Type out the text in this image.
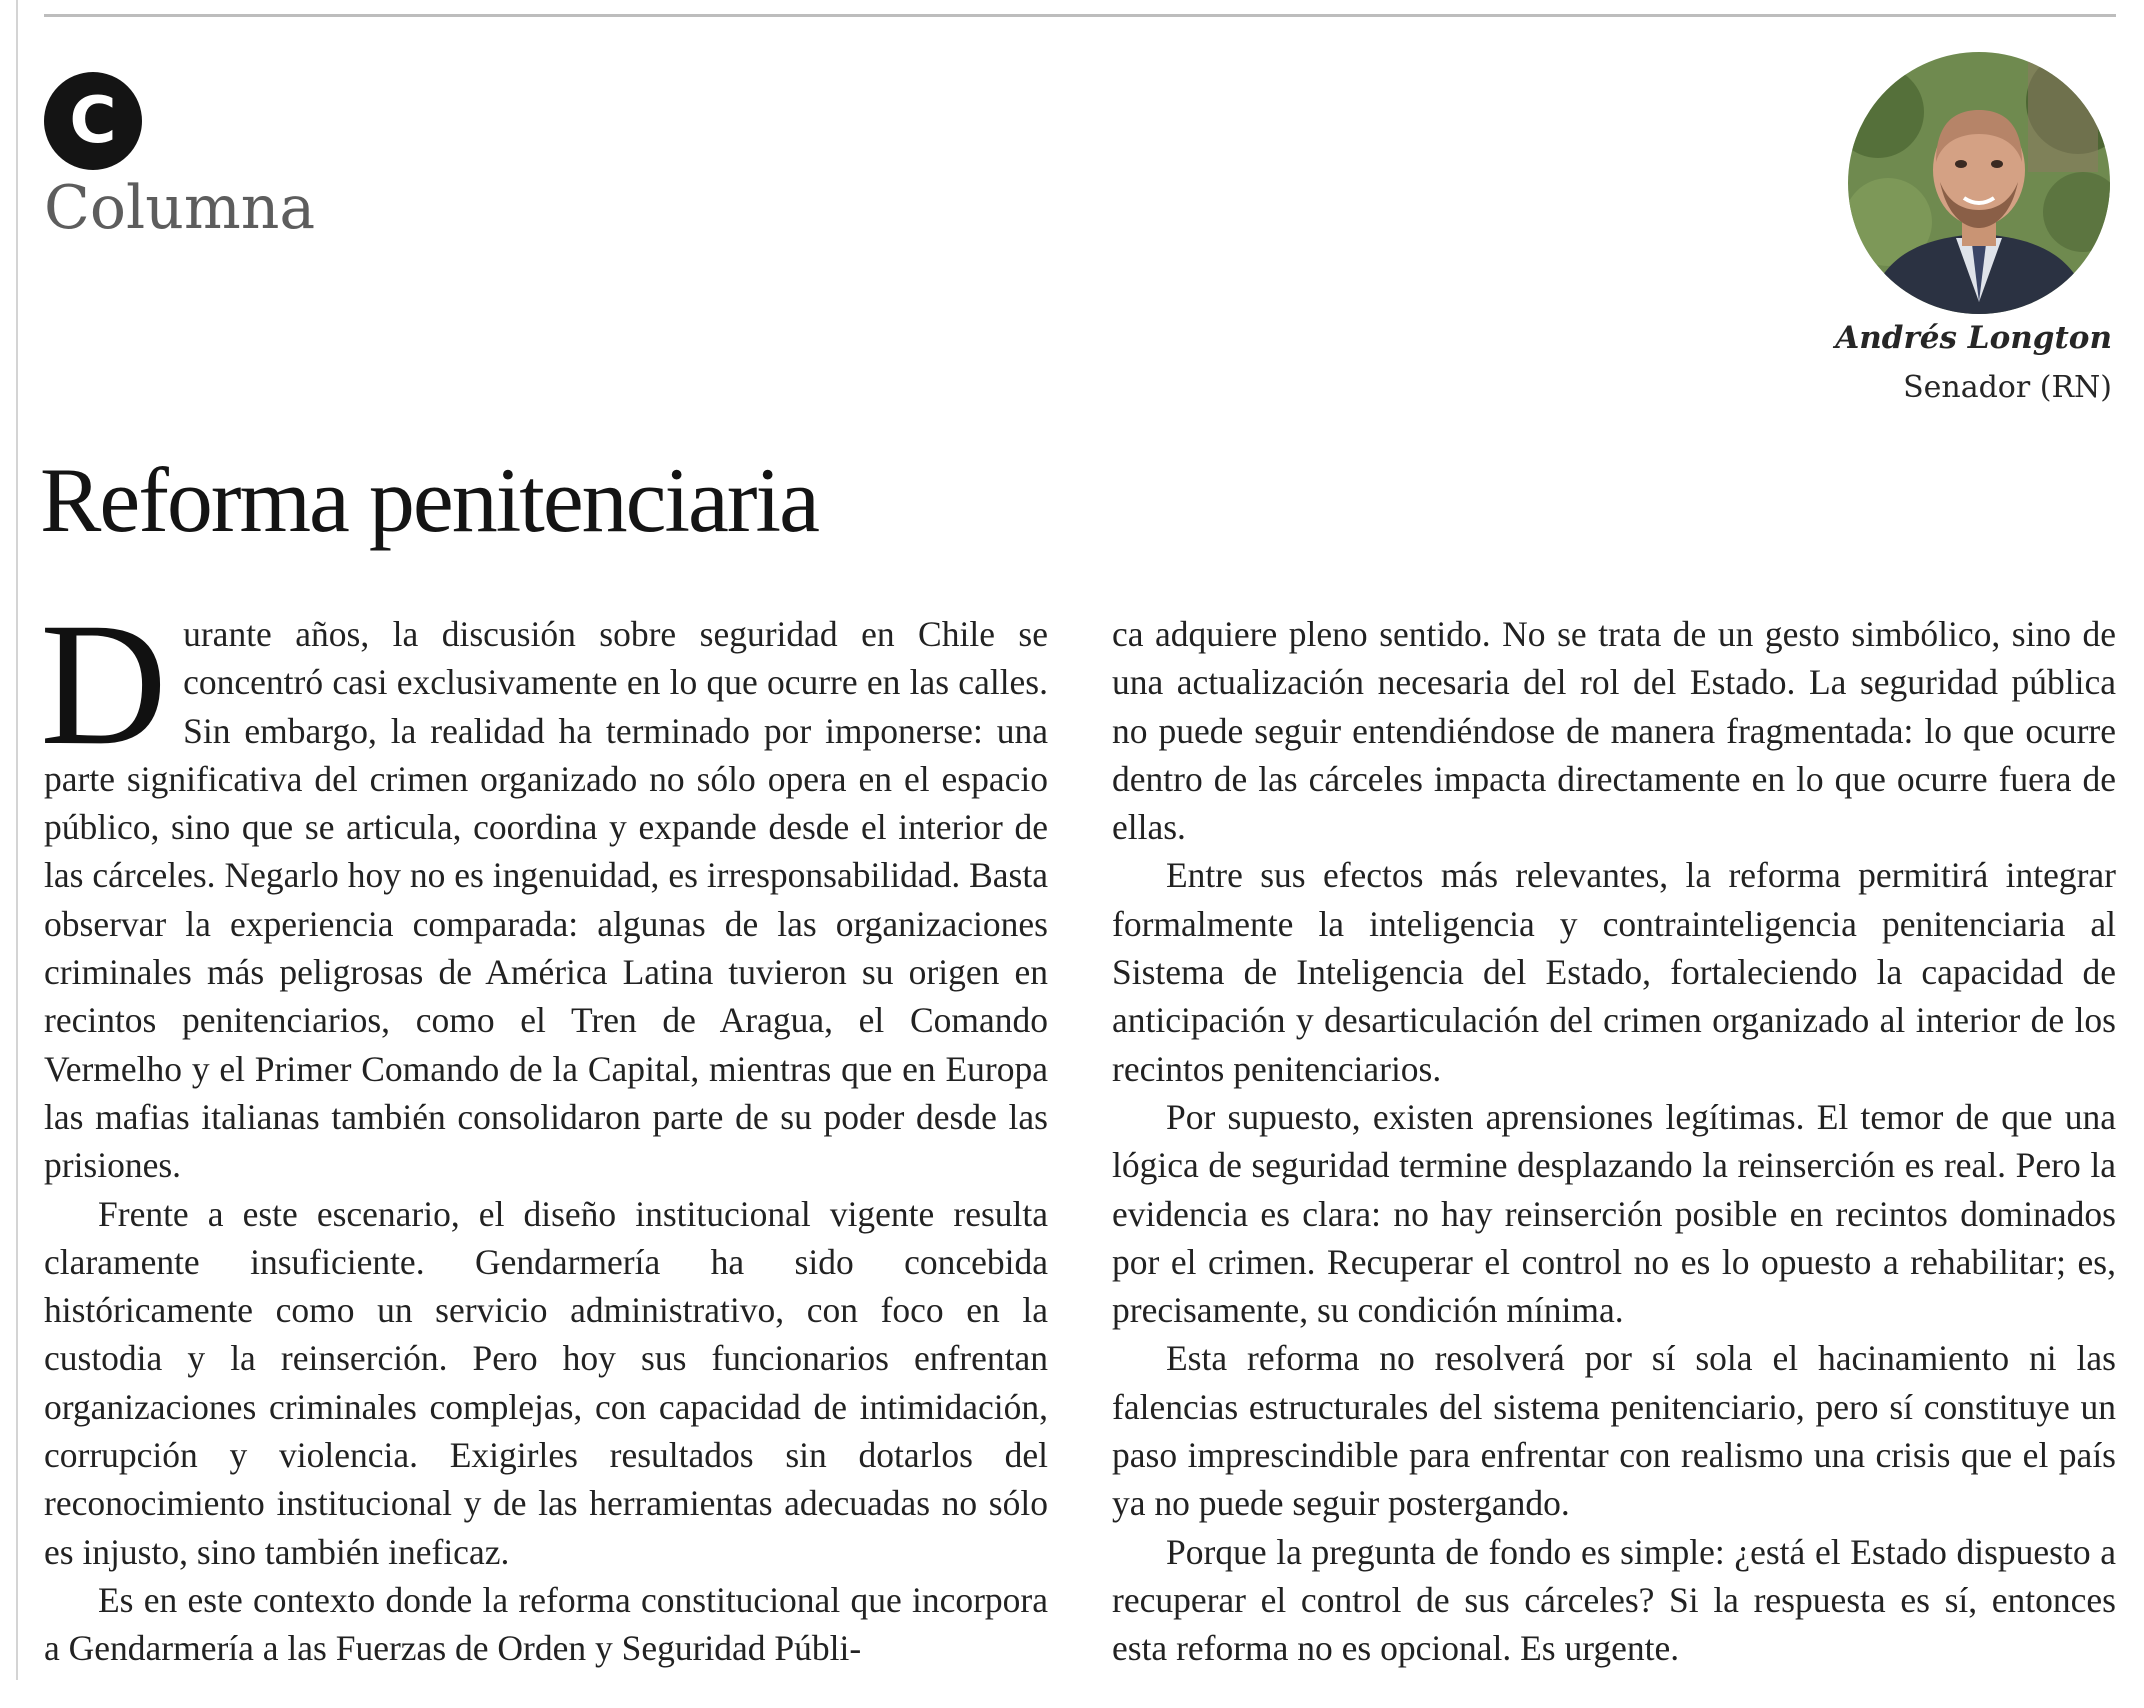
C
Columna
Andrés Longton
Senador (RN)
Reforma penitenciaria

Durante años, la discusión sobre seguridad en Chile se concentró casi exclusivamente en lo que ocurre en las calles. Sin embargo, la realidad ha terminado por imponerse: una parte significativa del crimen organizado no sólo opera en el espacio público, sino que se articula, coordina y expande desde el interior de las cárceles. Negarlo hoy no es ingenuidad, es irresponsabilidad. Basta observar la experiencia comparada: algunas de las organizaciones criminales más peligrosas de América Latina tuvieron su origen en recintos penitenciarios, como el Tren de Aragua, el Comando Vermelho y el Primer Comando de la Capital, mientras que en Europa las mafias italianas también consolidaron parte de su poder desde las prisiones.

Frente a este escenario, el diseño institucional vigente resulta claramente insuficiente. Gendarmería ha sido concebida históricamente como un servicio administrativo, con foco en la custodia y la reinserción. Pero hoy sus funcionarios enfrentan organizaciones criminales complejas, con capacidad de intimidación, corrupción y violencia. Exigirles resultados sin dotarlos del reconocimiento institucional y de las herramientas adecuadas no sólo es injusto, sino también ineficaz.

Es en este contexto donde la reforma constitucional que incorpora a Gendarmería a las Fuerzas de Orden y Seguridad Públi-

ca adquiere pleno sentido. No se trata de un gesto simbólico, sino de una actualización necesaria del rol del Estado. La seguridad pública no puede seguir entendiéndose de manera fragmentada: lo que ocurre dentro de las cárceles impacta directamente en lo que ocurre fuera de ellas.

Entre sus efectos más relevantes, la reforma permitirá integrar formalmente la inteligencia y contrainteligencia penitenciaria al Sistema de Inteligencia del Estado, fortaleciendo la capacidad de anticipación y desarticulación del crimen organizado al interior de los recintos penitenciarios.

Por supuesto, existen aprensiones legítimas. El temor de que una lógica de seguridad termine desplazando la reinserción es real. Pero la evidencia es clara: no hay reinserción posible en recintos dominados por el crimen. Recuperar el control no es lo opuesto a rehabilitar; es, precisamente, su condición mínima.

Esta reforma no resolverá por sí sola el hacinamiento ni las falencias estructurales del sistema penitenciario, pero sí constituye un paso imprescindible para enfrentar con realismo una crisis que el país ya no puede seguir postergando.

Porque la pregunta de fondo es simple: ¿está el Estado dispuesto a recuperar el control de sus cárceles? Si la respuesta es sí, entonces esta reforma no es opcional. Es urgente.
